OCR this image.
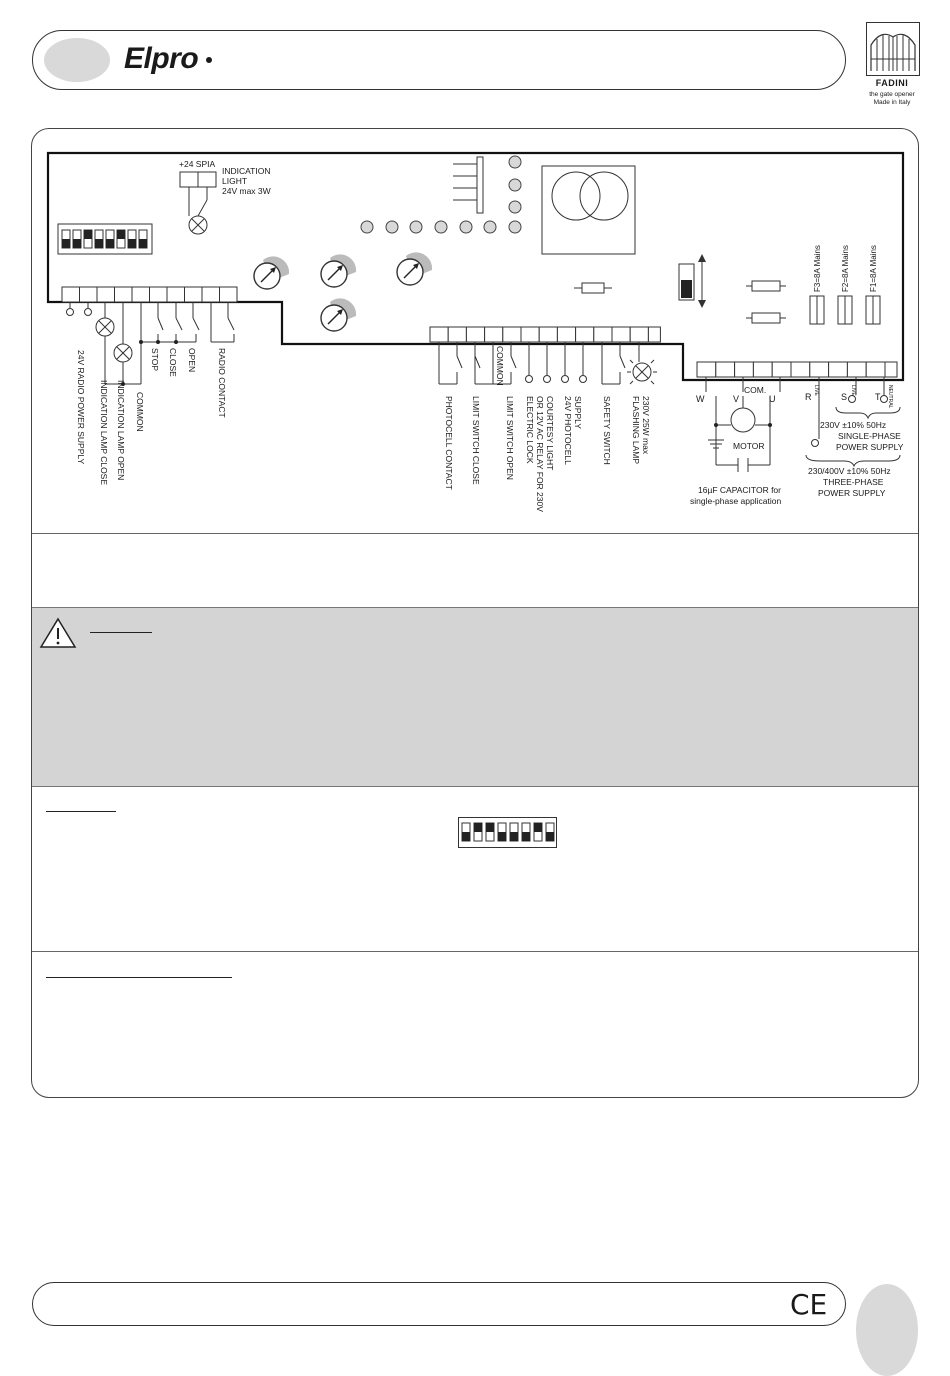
Elpro
FADINI
the gate opener
Made in Italy
+24 SPIA
INDICATION
LIGHT
24V max 3W
F3=8A Mains F2=8A Mains F1=8A Mains
24V RADIO POWER SUPPLY INDICATION LAMP CLOSE INDICATION LAMP OPEN COMMON
STOP CLOSE OPEN RADIO CONTACT
PHOTOCELL CONTACT LIMIT SWITCH CLOSE
COMMON
LIMIT SWITCH OPEN ELECTRIC LOCK OR 12V AC RELAY FOR 230V COURTESY LIGHT 24V PHOTOCELL SUPPLY SAFETY SWITCH FLASHING LAMP 230V 25W max	W	V
COM.
U
MOTOR
16µF CAPACITOR for
single-phase application
R	S	T
LIVE	LIVE	NEUTRAL
230V ±10% 50Hz
SINGLE-PHASE
POWER SUPPLY
230/400V ±10% 50Hz
THREE-PHASE
POWER SUPPLY
CE
